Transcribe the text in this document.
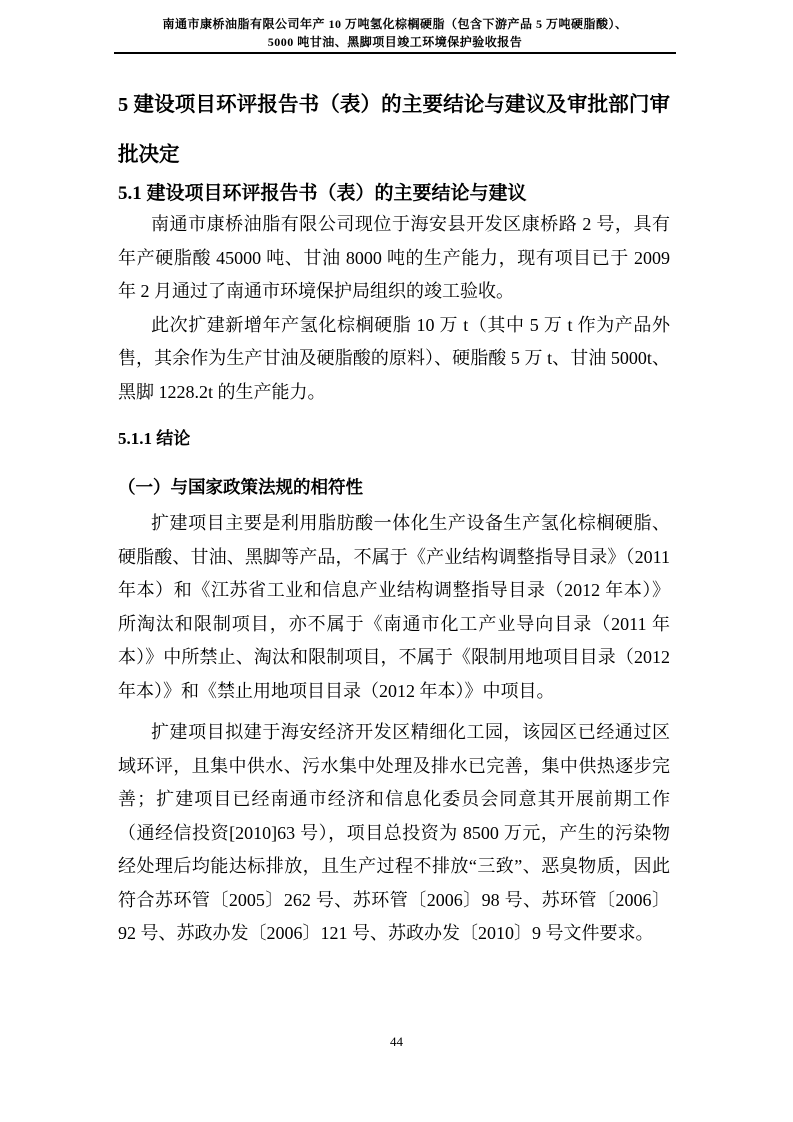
南通市康桥油脂有限公司年产 10 万吨氢化棕榈硬脂（包含下游产品 5 万吨硬脂酸）、
5000 吨甘油、黑脚项目竣工环境保护验收报告
5 建设项目环评报告书（表）的主要结论与建议及审批部门审批决定
5.1 建设项目环评报告书（表）的主要结论与建议

南通市康桥油脂有限公司现位于海安县开发区康桥路 2 号，具有年产硬脂酸 45000 吨、甘油 8000 吨的生产能力，现有项目已于 2009 年 2 月通过了南通市环境保护局组织的竣工验收。

此次扩建新增年产氢化棕榈硬脂 10 万 t（其中 5 万 t 作为产品外售，其余作为生产甘油及硬脂酸的原料）、硬脂酸 5 万 t、甘油 5000t、黑脚 1228.2t 的生产能力。

5.1.1 结论
（一）与国家政策法规的相符性

扩建项目主要是利用脂肪酸一体化生产设备生产氢化棕榈硬脂、硬脂酸、甘油、黑脚等产品，不属于《产业结构调整指导目录》（2011 年本）和《江苏省工业和信息产业结构调整指导目录（2012 年本）》所淘汰和限制项目，亦不属于《南通市化工产业导向目录（2011 年本）》中所禁止、淘汰和限制项目，不属于《限制用地项目目录（2012 年本）》和《禁止用地项目目录（2012 年本）》中项目。

扩建项目拟建于海安经济开发区精细化工园，该园区已经通过区域环评，且集中供水、污水集中处理及排水已完善，集中供热逐步完善；扩建项目已经南通市经济和信息化委员会同意其开展前期工作（通经信投资[2010]63 号），项目总投资为 8500 万元，产生的污染物经处理后均能达标排放，且生产过程不排放“三致”、恶臭物质，因此符合苏环管〔2005〕262 号、苏环管〔2006〕98 号、苏环管〔2006〕92 号、苏政办发〔2006〕121 号、苏政办发〔2010〕9 号文件要求。

44
